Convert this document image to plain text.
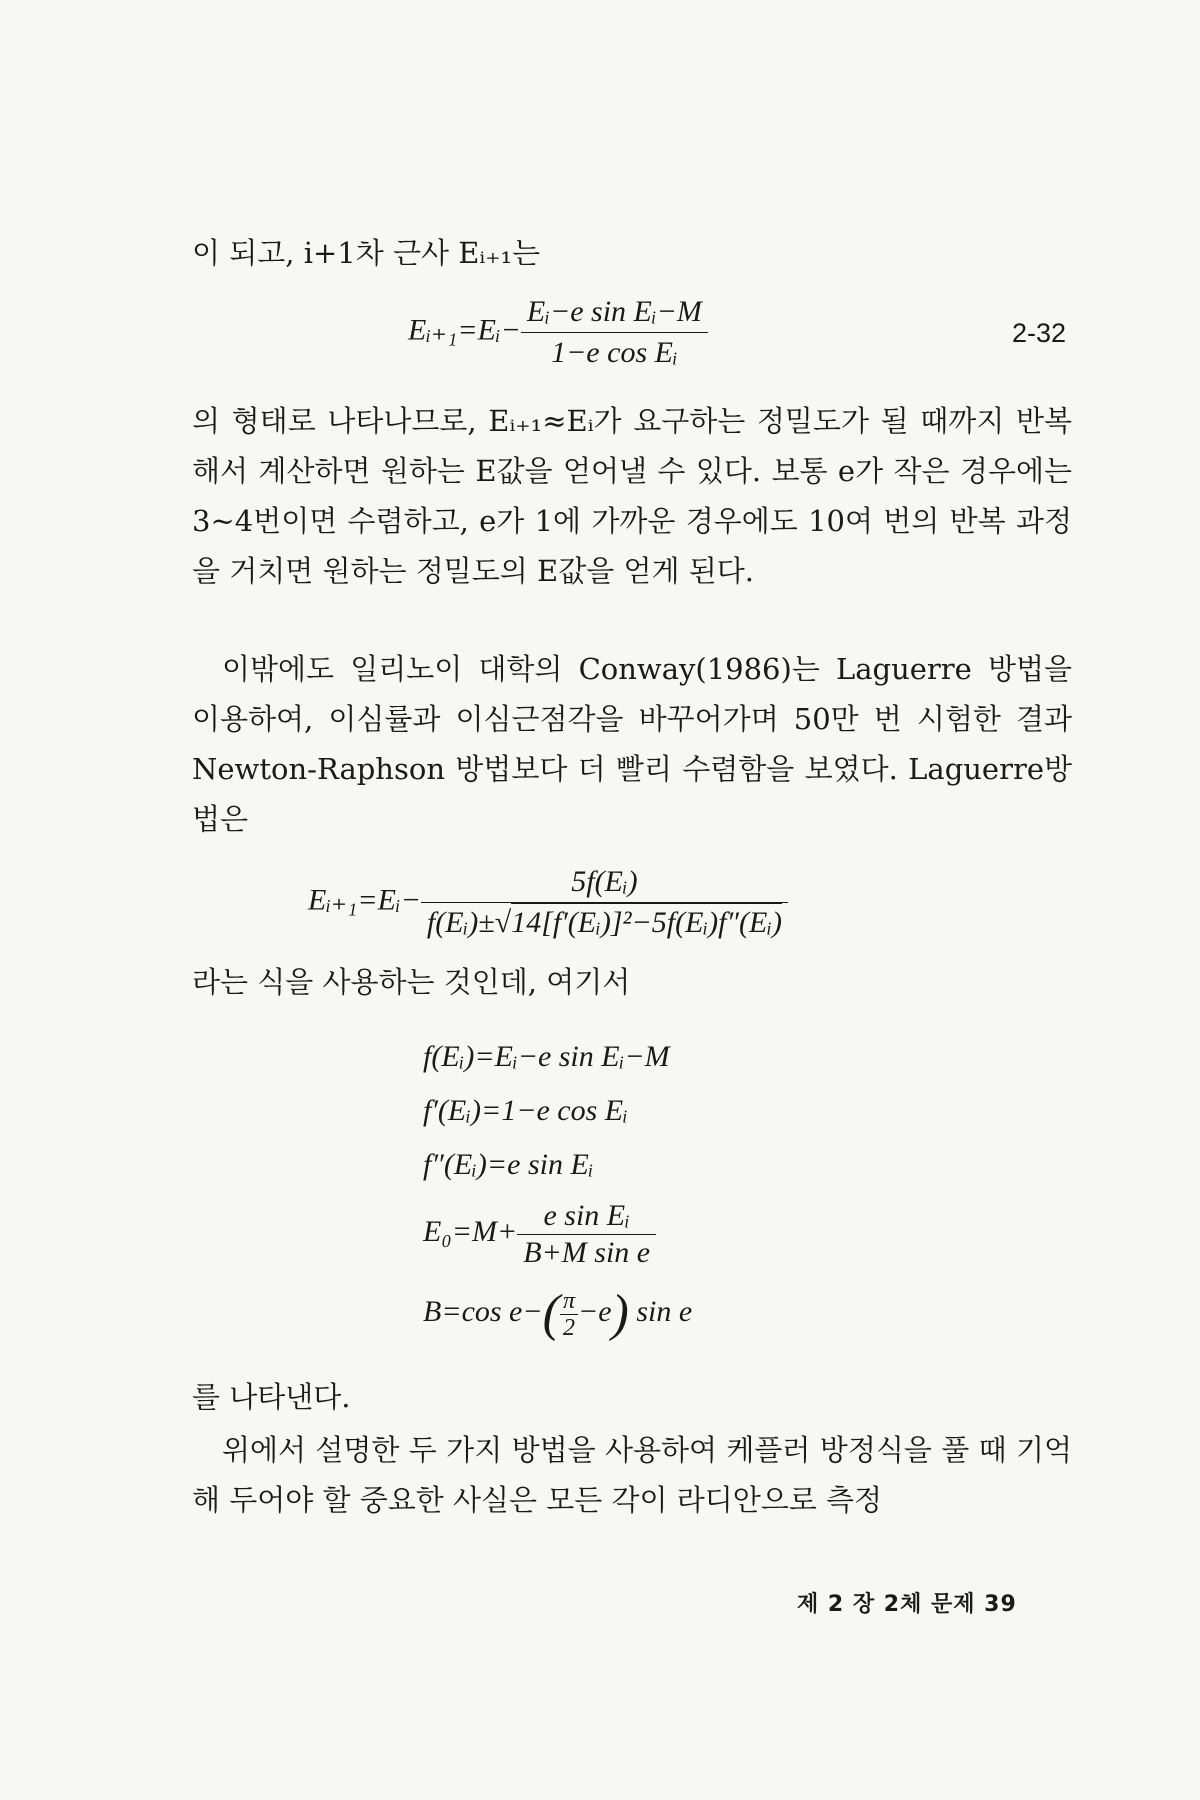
이 되고, i+1차 근사 Eᵢ₊₁는

Eᵢ₊₁=Eᵢ− $\frac{\text{Eᵢ−e sin Eᵢ−M}}{\text{1−e cos Eᵢ}}$	2-32

의 형태로 나타나므로, Eᵢ₊₁≈Eᵢ가 요구하는 정밀도가 될 때까지 반복해서 계산하면 원하는 E값을 얻어낼 수 있다. 보통 e가 작은 경우에는 3~4번이면 수렴하고, e가 1에 가까운 경우에도 10여 번의 반복 과정을 거치면 원하는 정밀도의 E값을 얻게 된다.

이밖에도 일리노이 대학의 Conway(1986)는 Laguerre 방법을 이용하여, 이심률과 이심근점각을 바꾸어가며 50만 번 시험한 결과 Newton-Raphson 방법보다 더 빨리 수렴함을 보였다. Laguerre방법은

Eᵢ₊₁=Eᵢ− $\frac{\text{5f(Eᵢ)}}{\text{f(Eᵢ)±√14[f′(Eᵢ)]²−5f(Eᵢ)f″(Eᵢ)}}$

라는 식을 사용하는 것인데, 여기서

f(Eᵢ)=Eᵢ−e sin Eᵢ−M
f′(Eᵢ)=1−e cos Eᵢ
f″(Eᵢ)=e sin Eᵢ
$E_0=M+ \frac{\text{e sin Eᵢ}}{\text{B+M sin e}}$
B=cos $e-( \frac{\pi}{2} -e)$ sin e

를 나타낸다.

위에서 설명한 두 가지 방법을 사용하여 케플러 방정식을 풀 때 기억해 두어야 할 중요한 사실은 모든 각이 라디안으로 측정

제 2 장 2체 문제 39
